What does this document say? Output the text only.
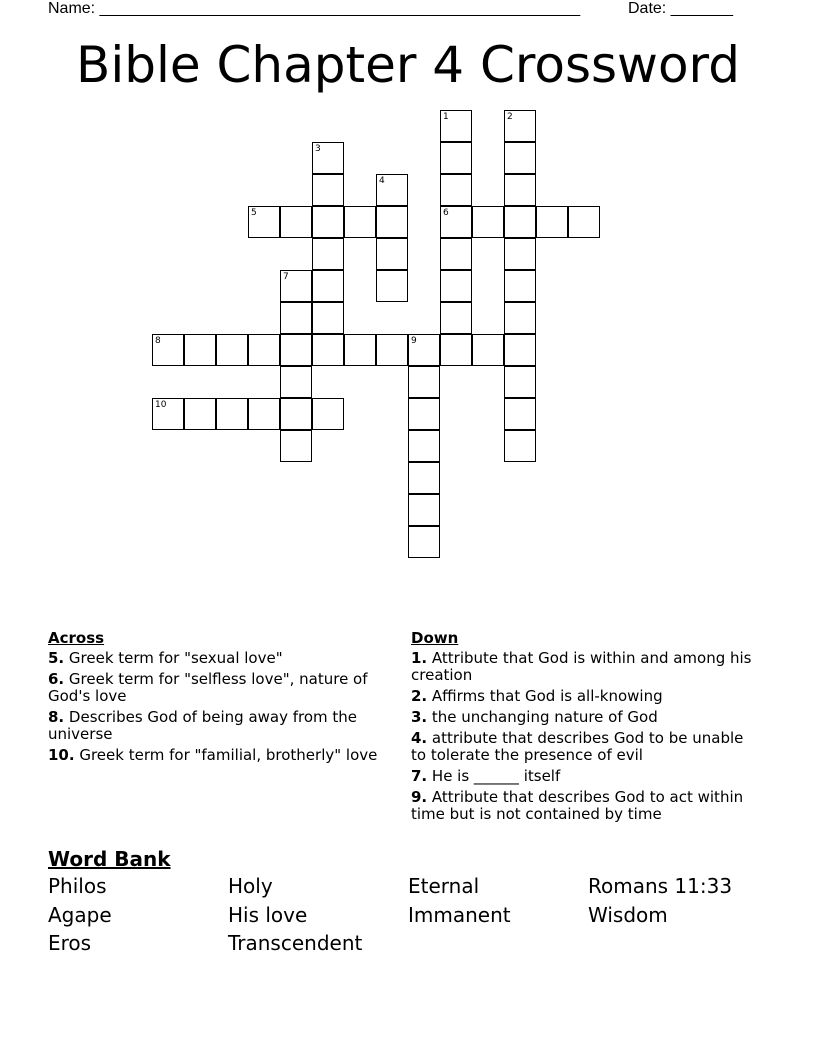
Name: ______________________________________________________	Date: _______
Bible Chapter 4 Crossword
1	2
3
4
5	6
7
8	9
10
Across
5. Greek term for "sexual love"
6. Greek term for "selfless love", nature of God's love
8. Describes God of being away from the universe
10. Greek term for "familial, brotherly" love
Down
1. Attribute that God is within and among his creation
2. Affirms that God is all-knowing
3. the unchanging nature of God
4. attribute that describes God to be unable to tolerate the presence of evil
7. He is ______ itself
9. Attribute that describes God to act within time but is not contained by time
Word Bank
Philos	Holy	Eternal	Romans 11:33
Agape	His love	Immanent	Wisdom
Eros	Transcendent
